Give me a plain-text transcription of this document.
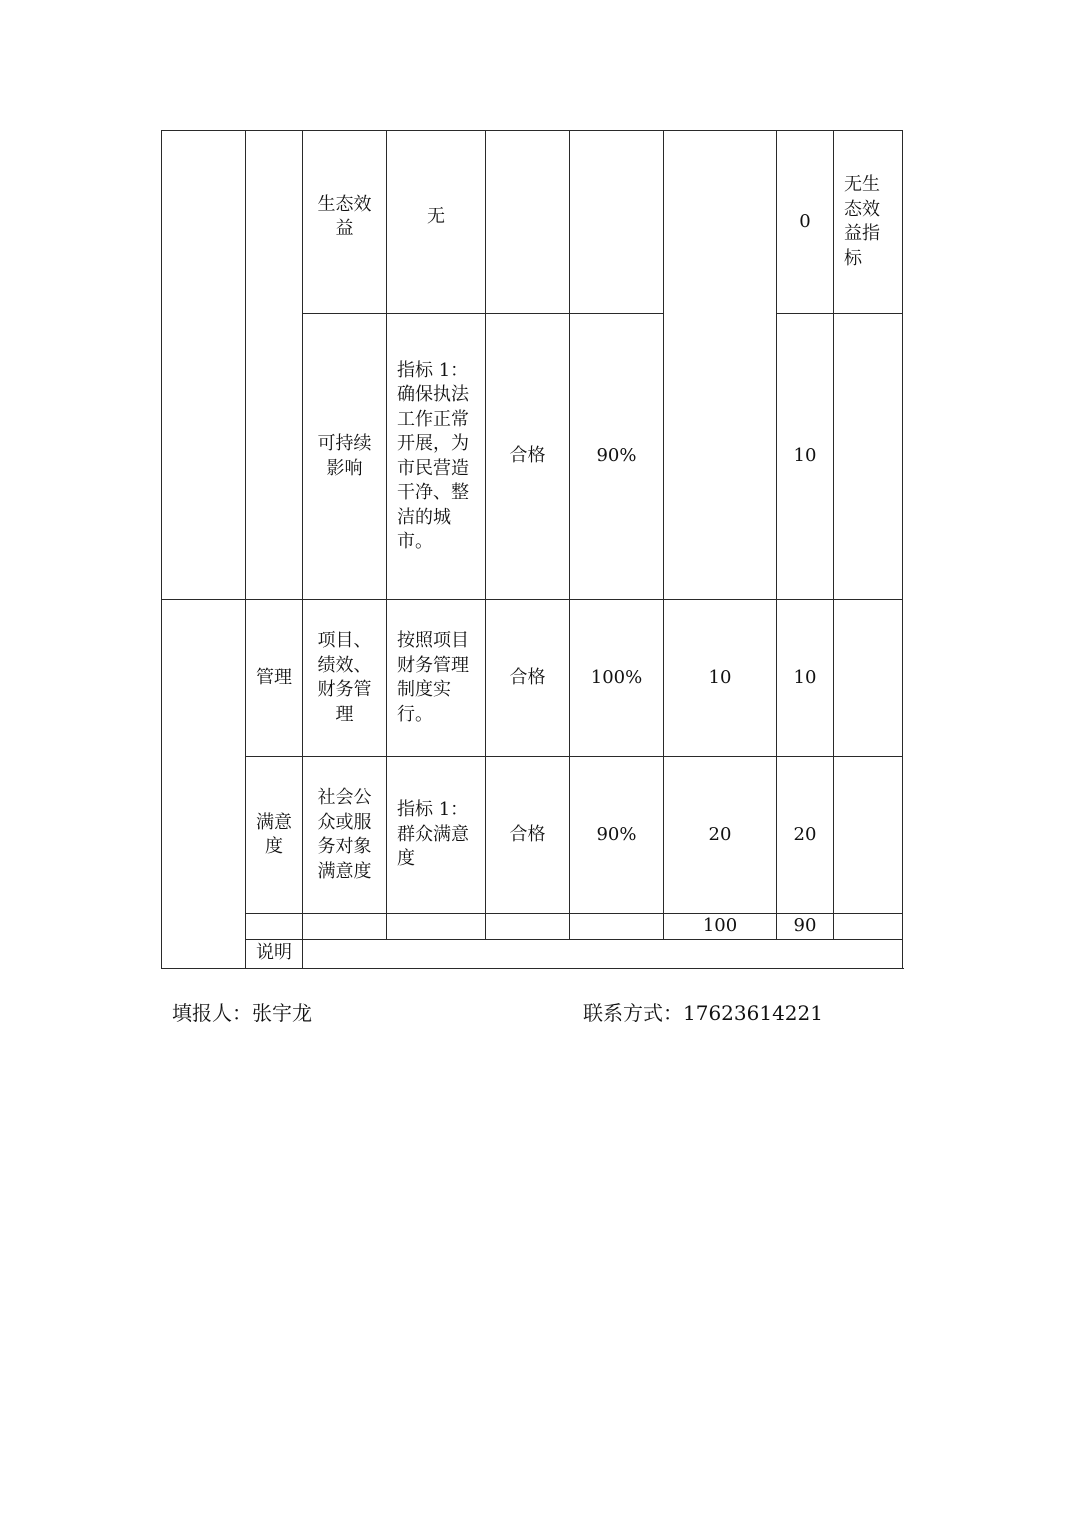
		生态效益	无				0	无生态效益指标
		可持续影响	指标 1：确保执法工作正常开展，为市民营造干净、整洁的城市。	合格	90%		10	
	管理	项目、绩效、财务管理	按照项目财务管理制度实行。	合格	100%	10	10	
	满意度	社会公众或服务对象满意度	指标 1：群众满意度	合格	90%	20	20	
						100	90	
	说明							
填报人：张宇龙	联系方式：17623614221
